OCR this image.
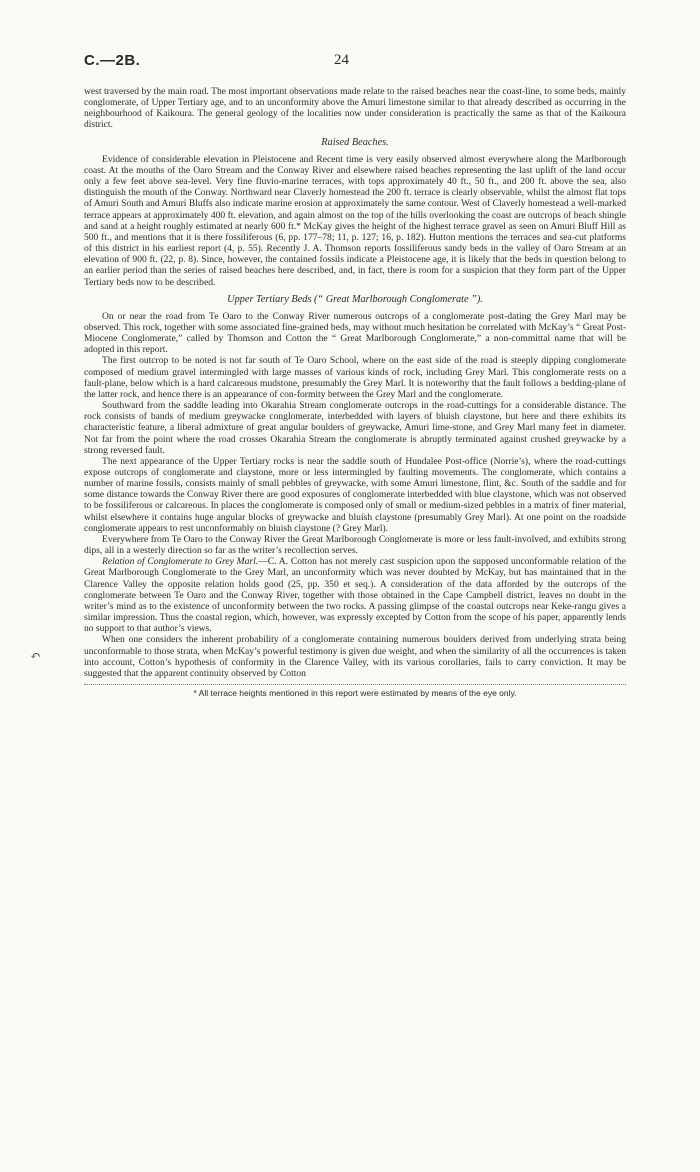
C.—2B.	24
↶

west traversed by the main road. The most important observations made relate to the raised beaches near the coast-line, to some beds, mainly conglomerate, of Upper Tertiary age, and to an unconformity above the Amuri limestone similar to that already described as occurring in the neighbourhood of Kaikoura. The general geology of the localities now under consideration is practically the same as that of the Kaikoura district.

Raised Beaches.

Evidence of considerable elevation in Pleistocene and Recent time is very easily observed almost everywhere along the Marlborough coast. At the mouths of the Oaro Stream and the Conway River and elsewhere raised beaches representing the last uplift of the land occur only a few feet above sea-level. Very fine fluvio-marine terraces, with tops approximately 40 ft., 50 ft., and 200 ft. above the sea, also distinguish the mouth of the Conway. Northward near Claverly homestead the 200 ft. terrace is clearly observable, whilst the almost flat tops of Amuri South and Amuri Bluffs also indicate marine erosion at approximately the same contour. West of Claverly homestead a well-marked terrace appears at approximately 400 ft. elevation, and again almost on the top of the hills overlooking the coast are outcrops of beach shingle and sand at a height roughly estimated at nearly 600 ft.* McKay gives the height of the highest terrace gravel as seen on Amuri Bluff Hill as 500 ft., and mentions that it is there fossiliferous (6, pp. 177–78; 11, p. 127; 16, p. 182). Hutton mentions the terraces and sea-cut platforms of this district in his earliest report (4, p. 55). Recently J. A. Thomson reports fossiliferous sandy beds in the valley of Oaro Stream at an elevation of 900 ft. (22, p. 8). Since, however, the contained fossils indicate a Pleistocene age, it is likely that the beds in question belong to an earlier period than the series of raised beaches here described, and, in fact, there is room for a suspicion that they form part of the Upper Tertiary beds now to be described.

Upper Tertiary Beds (“ Great Marlborough Conglomerate ”).

On or near the road from Te Oaro to the Conway River numerous outcrops of a conglomerate post-dating the Grey Marl may be observed. This rock, together with some associated fine-grained beds, may without much hesitation be correlated with McKay’s “ Great Post-Miocene Conglomerate,” called by Thomson and Cotton the “ Great Marlborough Conglomerate,” a non-committal name that will be adopted in this report.

The first outcrop to be noted is not far south of Te Oaro School, where on the east side of the road is steeply dipping conglomerate composed of medium gravel intermingled with large masses of various kinds of rock, including Grey Marl. This conglomerate rests on a fault-plane, below which is a hard calcareous mudstone, presumably the Grey Marl. It is noteworthy that the fault follows a bedding-plane of the latter rock, and hence there is an appearance of con-formity between the Grey Marl and the conglomerate.

Southward from the saddle leading into Okarahia Stream conglomerate outcrops in the road-cuttings for a considerable distance. The rock consists of bands of medium greywacke conglomerate, interbedded with layers of bluish claystone, but here and there exhibits its characteristic feature, a liberal admixture of great angular boulders of greywacke, Amuri lime-stone, and Grey Marl many feet in diameter. Not far from the point where the road crosses Okarahia Stream the conglomerate is abruptly terminated against crushed greywacke by a strong reversed fault.

The next appearance of the Upper Tertiary rocks is near the saddle south of Hundalee Post-office (Norrie’s), where the road-cuttings expose outcrops of conglomerate and claystone, more or less intermingled by faulting movements. The conglomerate, which contains a number of marine fossils, consists mainly of small pebbles of greywacke, with some Amuri limestone, flint, &c. South of the saddle and for some distance towards the Conway River there are good exposures of conglomerate interbedded with blue claystone, which was not observed to be fossiliferous or calcareous. In places the conglomerate is composed only of small or medium-sized pebbles in a matrix of finer material, whilst elsewhere it contains huge angular blocks of greywacke and bluish claystone (presumably Grey Marl). At one point on the roadside conglomerate appears to rest unconformably on bluish claystone (? Grey Marl).

Everywhere from Te Oaro to the Conway River the Great Marlborough Conglomerate is more or less fault-involved, and exhibits strong dips, all in a westerly direction so far as the writer’s recollection serves.

Relation of Conglomerate to Grey Marl.—C. A. Cotton has not merely cast suspicion upon the supposed unconformable relation of the Great Marlborough Conglomerate to the Grey Marl, an unconformity which was never doubted by McKay, but has maintained that in the Clarence Valley the opposite relation holds good (25, pp. 350 et seq.). A consideration of the data afforded by the outcrops of the conglomerate between Te Oaro and the Conway River, together with those obtained in the Cape Campbell district, leaves no doubt in the writer’s mind as to the existence of unconformity between the two rocks. A passing glimpse of the coastal outcrops near Keke-rangu gives a similar impression. Thus the coastal region, which, however, was expressly excepted by Cotton from the scope of his paper, apparently lends no support to that author’s views.

When one considers the inherent probability of a conglomerate containing numerous boulders derived from underlying strata being unconformable to those strata, when McKay’s powerful testimony is given due weight, and when the similarity of all the occurrences is taken into account, Cotton’s hypothesis of conformity in the Clarence Valley, with its various corollaries, fails to carry conviction. It may be suggested that the apparent continuity observed by Cotton

* All terrace heights mentioned in this report were estimated by means of the eye only.
